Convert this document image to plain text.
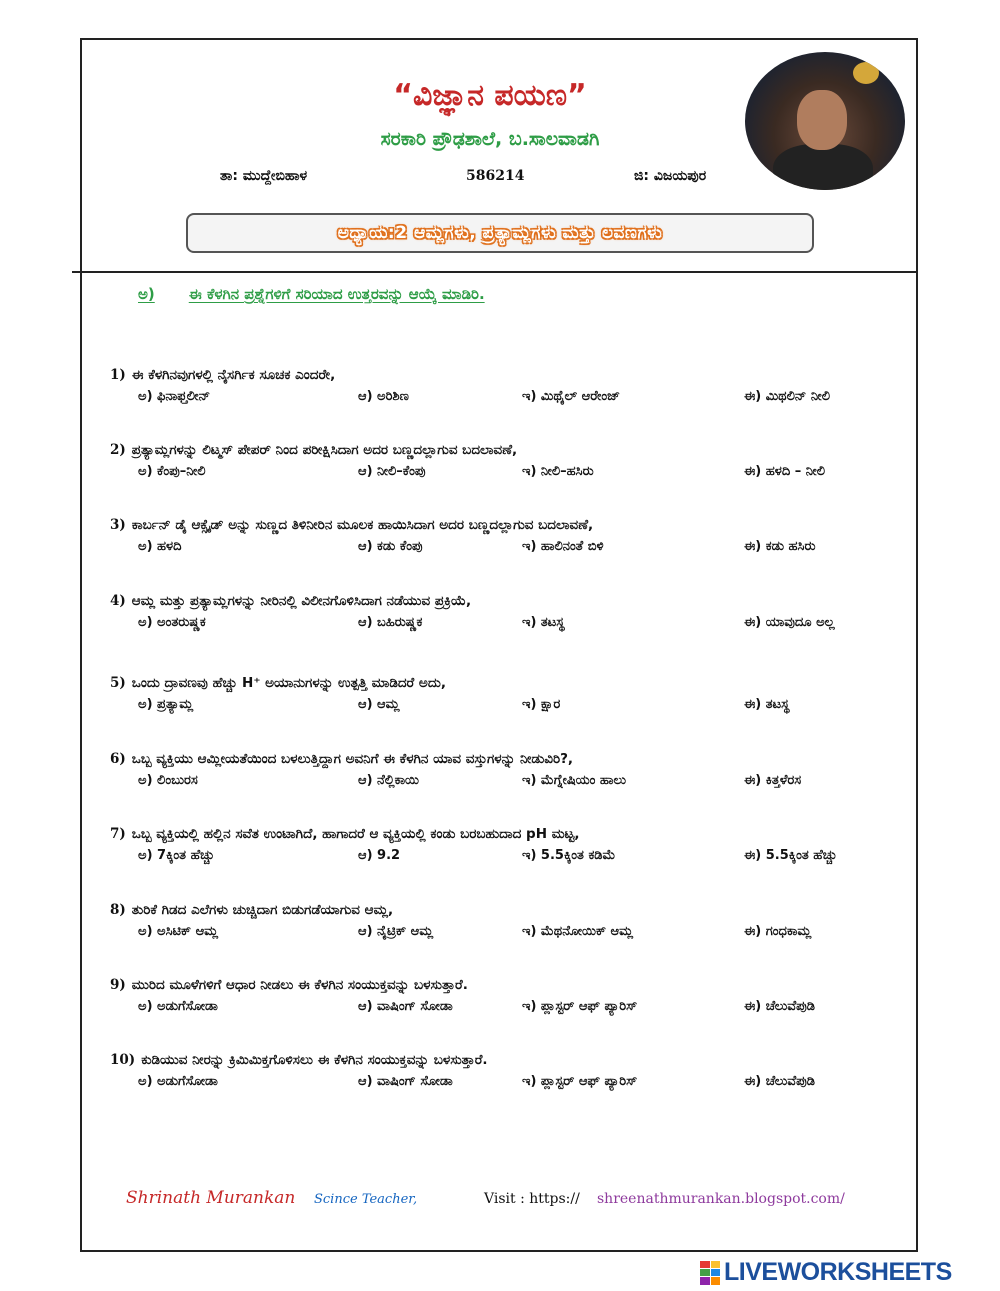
“ವಿಜ್ಞಾನ ಪಯಣ”
ಸರಕಾರಿ ಪ್ರೌಢಶಾಲೆ, ಬ.ಸಾಲವಾಡಗಿ
ತಾ: ಮುದ್ದೇಬಿಹಾಳ	586214	ಜಿ: ವಿಜಯಪುರ
ಅಧ್ಯಾಯ:2 ಆಮ್ಲಗಳು, ಪ್ರತ್ಯಾಮ್ಲಗಳು ಮತ್ತು ಲವಣಗಳು
ಅ) ಈ ಕೆಳಗಿನ ಪ್ರಶ್ನೆಗಳಿಗೆ ಸರಿಯಾದ ಉತ್ತರವನ್ನು ಆಯ್ಕೆ ಮಾಡಿರಿ.
1) ಈ ಕೆಳಗಿನವುಗಳಲ್ಲಿ ನೈಸರ್ಗಿಕ ಸೂಚಕ ಎಂದರೇ,
ಅ) ಫಿನಾಫ್ತಲೀನ್	ಆ) ಅರಿಶಿಣ	ಇ) ಮಿಥೈಲ್ ಆರೇಂಜ್	ಈ) ಮಿಥಲಿನ್ ನೀಲಿ
2) ಪ್ರತ್ಯಾಮ್ಲಗಳನ್ನು ಲಿಟ್ಮಸ್ ಪೇಪರ್ ನಿಂದ ಪರೀಕ್ಷಿಸಿದಾಗ ಅದರ ಬಣ್ಣದಲ್ಲಾಗುವ ಬದಲಾವಣೆ,
ಅ) ಕೆಂಪು–ನೀಲಿ	ಆ) ನೀಲಿ–ಕೆಂಪು	ಇ) ನೀಲಿ–ಹಸಿರು	ಈ) ಹಳದಿ – ನೀಲಿ
3) ಕಾರ್ಬನ್ ಡೈ ಆಕ್ಸೈಡ್ ಅನ್ನು ಸುಣ್ಣದ ತಿಳಿನೀರಿನ ಮೂಲಕ ಹಾಯಿಸಿದಾಗ ಅದರ ಬಣ್ಣದಲ್ಲಾಗುವ ಬದಲಾವಣೆ,
ಅ) ಹಳದಿ	ಆ) ಕಡು ಕೆಂಪು	ಇ) ಹಾಲಿನಂತೆ ಬಿಳಿ	ಈ) ಕಡು ಹಸಿರು
4) ಆಮ್ಲ ಮತ್ತು ಪ್ರತ್ಯಾಮ್ಲಗಳನ್ನು ನೀರಿನಲ್ಲಿ ವಿಲೀನಗೊಳಿಸಿದಾಗ ನಡೆಯುವ ಪ್ರಕ್ರಿಯೆ,
ಅ) ಅಂತರುಷ್ಣಕ	ಆ) ಬಹಿರುಷ್ಣಕ	ಇ) ತಟಸ್ಥ	ಈ) ಯಾವುದೂ ಅಲ್ಲ
5) ಒಂದು ದ್ರಾವಣವು ಹೆಚ್ಚು H⁺ ಅಯಾನುಗಳನ್ನು ಉತ್ಪತ್ತಿ ಮಾಡಿದರೆ ಅದು,
ಅ) ಪ್ರತ್ಯಾಮ್ಲ	ಆ) ಆಮ್ಲ	ಇ) ಕ್ಷಾರ	ಈ) ತಟಸ್ಥ
6) ಒಬ್ಬ ವ್ಯಕ್ತಿಯು ಆಮ್ಲೀಯತೆಯಿಂದ ಬಳಲುತ್ತಿದ್ದಾಗ ಅವನಿಗೆ ಈ ಕೆಳಗಿನ ಯಾವ ವಸ್ತುಗಳನ್ನು ನೀಡುವಿರಿ?,
ಅ) ಲಿಂಬುರಸ	ಆ) ನೆಲ್ಲಿಕಾಯಿ	ಇ) ಮೆಗ್ನೇಷಿಯಂ ಹಾಲು	ಈ) ಕಿತ್ತಳೆರಸ
7) ಒಬ್ಬ ವ್ಯಕ್ತಿಯಲ್ಲಿ ಹಲ್ಲಿನ ಸವೆತ ಉಂಟಾಗಿದೆ, ಹಾಗಾದರೆ ಆ ವ್ಯಕ್ತಿಯಲ್ಲಿ ಕಂಡು ಬರಬಹುದಾದ pH ಮಟ್ಟ,
ಅ) 7ಕ್ಕಿಂತ ಹೆಚ್ಚು	ಆ) 9.2	ಇ) 5.5ಕ್ಕಿಂತ ಕಡಿಮೆ	ಈ) 5.5ಕ್ಕಿಂತ ಹೆಚ್ಚು
8) ತುರಿಕೆ ಗಿಡದ ಎಲೆಗಳು ಚುಚ್ಚಿದಾಗ ಬಿಡುಗಡೆಯಾಗುವ ಆಮ್ಲ,
ಅ) ಅಸಿಟಿಕ್ ಆಮ್ಲ	ಆ) ನೈಟ್ರಿಕ್ ಆಮ್ಲ	ಇ) ಮೆಥನೋಯಿಕ್ ಆಮ್ಲ	ಈ) ಗಂಧಕಾಮ್ಲ
9) ಮುರಿದ ಮೂಳೆಗಳಿಗೆ ಆಧಾರ ನೀಡಲು ಈ ಕೆಳಗಿನ ಸಂಯುಕ್ತವನ್ನು ಬಳಸುತ್ತಾರೆ.
ಅ) ಅಡುಗೆಸೋಡಾ	ಆ) ವಾಷಿಂಗ್ ಸೋಡಾ	ಇ) ಪ್ಲಾಸ್ಟರ್ ಆಫ್ ಪ್ಯಾರಿಸ್	ಈ) ಚೆಲುವೆಪುಡಿ
10) ಕುಡಿಯುವ ನೀರನ್ನು ಕ್ರಿಮಿಮಿಕ್ತಗೊಳಿಸಲು ಈ ಕೆಳಗಿನ ಸಂಯುಕ್ತವನ್ನು ಬಳಸುತ್ತಾರೆ.
ಅ) ಅಡುಗೆಸೋಡಾ	ಆ) ವಾಷಿಂಗ್ ಸೋಡಾ	ಇ) ಪ್ಲಾಸ್ಟರ್ ಆಫ್ ಪ್ಯಾರಿಸ್	ಈ) ಚೆಲುವೆಪುಡಿ
Shrinath Murankan Scince Teacher,	Visit : https:// shreenathmurankan.blogspot.com/
LIVEWORKSHEETS
